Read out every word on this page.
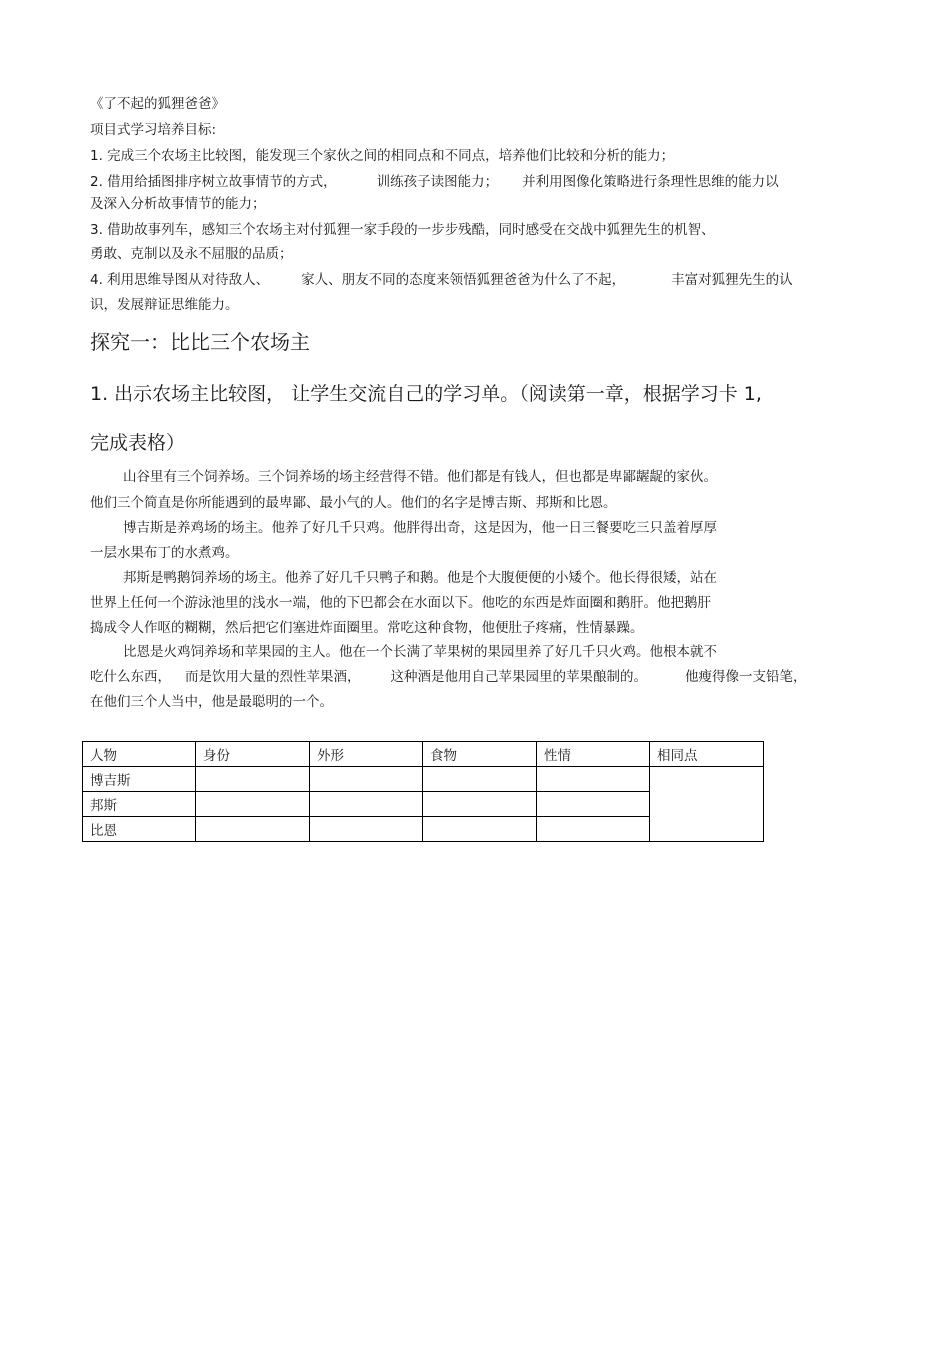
《了不起的狐狸爸爸》
项目式学习培养目标:
1. 完成三个农场主比较图，能发现三个家伙之间的相同点和不同点，培养他们比较和分析的能力；
2. 借用给插图排序树立故事情节的方式，	训练孩子读图能力； 并利用图像化策略进行条理性思维的能力以
及深入分析故事情节的能力；
3. 借助故事列车，感知三个农场主对付狐狸一家手段的一步步残酷，同时感受在交战中狐狸先生的机智、
勇敢、克制以及永不屈服的品质；
4. 利用思维导图从对待敌人、 家人、朋友不同的态度来领悟狐狸爸爸为什么了不起，	丰富对狐狸先生的认
识，发展辩证思维能力。
探究一：比比三个农场主
1. 出示农场主比较图， 让学生交流自己的学习单。（阅读第一章，根据学习卡 1,
完成表格）
山谷里有三个饲养场。三个饲养场的场主经营得不错。他们都是有钱人，但也都是卑鄙龌龊的家伙。
他们三个简直是你所能遇到的最卑鄙、最小气的人。他们的名字是博吉斯、邦斯和比恩。
博吉斯是养鸡场的场主。他养了好几千只鸡。他胖得出奇，这是因为，他一日三餐要吃三只盖着厚厚
一层水果布丁的水煮鸡。
邦斯是鸭鹅饲养场的场主。他养了好几千只鸭子和鹅。他是个大腹便便的小矮个。他长得很矮，站在
世界上任何一个游泳池里的浅水一端，他的下巴都会在水面以下。他吃的东西是炸面圈和鹅肝。他把鹅肝
捣成令人作呕的糊糊，然后把它们塞进炸面圈里。常吃这种食物，他便肚子疼痛，性情暴躁。
比恩是火鸡饲养场和苹果园的主人。他在一个长满了苹果树的果园里养了好几千只火鸡。他根本就不
吃什么东西， 而是饮用大量的烈性苹果酒， 这种酒是他用自己苹果园里的苹果酿制的。	他瘦得像一支铅笔，
在他们三个人当中，他是最聪明的一个。
人物	身份	外形	食物	性情	相同点
博吉斯					
邦斯					
比恩					
